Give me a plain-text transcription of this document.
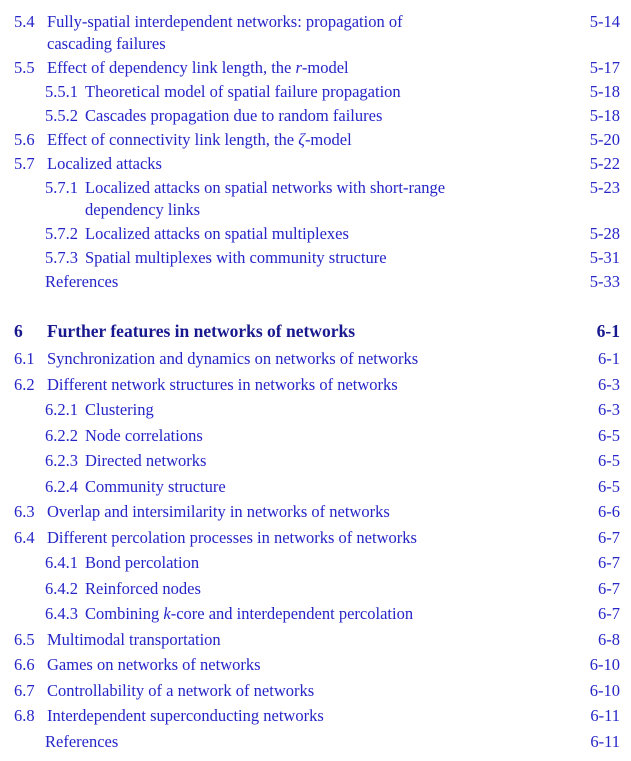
5.4 Fully-spatial interdependent networks: propagation of
cascading failures
5-14
5.5 Effect of dependency link length, the r-model	5-17
5.5.1 Theoretical model of spatial failure propagation	5-18
5.5.2 Cascades propagation due to random failures	5-18
5.6 Effect of connectivity link length, the ζ-model	5-20
5.7 Localized attacks	5-22
5.7.1 Localized attacks on spatial networks with short-range
dependency links
5-23
5.7.2 Localized attacks on spatial multiplexes	5-28
5.7.3 Spatial multiplexes with community structure	5-31
References	5-33
6	Further features in networks of networks	6-1
6.1 Synchronization and dynamics on networks of networks	6-1
6.2 Different network structures in networks of networks	6-3
6.2.1 Clustering	6-3
6.2.2 Node correlations	6-5
6.2.3 Directed networks	6-5
6.2.4 Community structure	6-5
6.3 Overlap and intersimilarity in networks of networks	6-6
6.4 Different percolation processes in networks of networks	6-7
6.4.1 Bond percolation	6-7
6.4.2 Reinforced nodes	6-7
6.4.3 Combining k-core and interdependent percolation	6-7
6.5 Multimodal transportation	6-8
6.6 Games on networks of networks	6-10
6.7 Controllability of a network of networks	6-10
6.8 Interdependent superconducting networks	6-11
References	6-11
